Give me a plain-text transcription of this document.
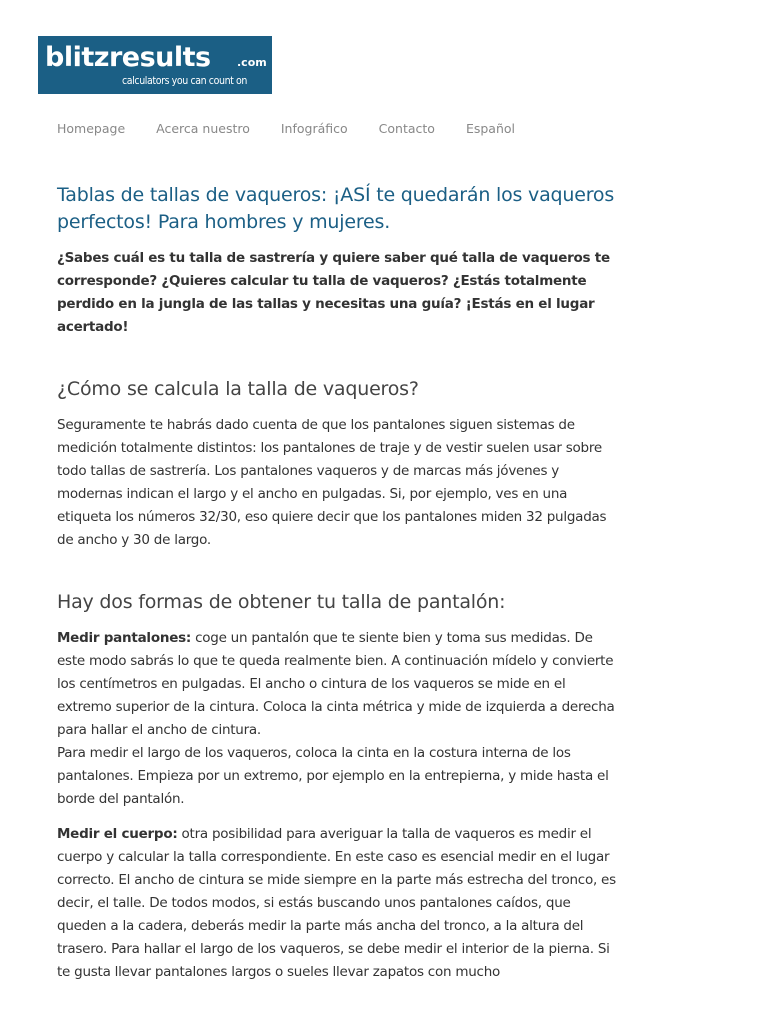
blitzresults .com
calculators you can count on
Homepage Acerca nuestro Infográfico Contacto Español
Tablas de tallas de vaqueros: ¡ASÍ te quedarán los vaqueros perfectos! Para hombres y mujeres.

¿Sabes cuál es tu talla de sastrería y quiere saber qué talla de vaqueros te corresponde? ¿Quieres calcular tu talla de vaqueros? ¿Estás totalmente perdido en la jungla de las tallas y necesitas una guía? ¡Estás en el lugar acertado!

¿Cómo se calcula la talla de vaqueros?

Seguramente te habrás dado cuenta de que los pantalones siguen sistemas de medición totalmente distintos: los pantalones de traje y de vestir suelen usar sobre todo tallas de sastrería. Los pantalones vaqueros y de marcas más jóvenes y modernas indican el largo y el ancho en pulgadas. Si, por ejemplo, ves en una etiqueta los números 32/30, eso quiere decir que los pantalones miden 32 pulgadas de ancho y 30 de largo.

Hay dos formas de obtener tu talla de pantalón:

Medir pantalones: coge un pantalón que te siente bien y toma sus medidas. De este modo sabrás lo que te queda realmente bien. A continuación mídelo y convierte los centímetros en pulgadas. El ancho o cintura de los vaqueros se mide en el extremo superior de la cintura. Coloca la cinta métrica y mide de izquierda a derecha para hallar el ancho de cintura.
Para medir el largo de los vaqueros, coloca la cinta en la costura interna de los pantalones. Empieza por un extremo, por ejemplo en la entrepierna, y mide hasta el borde del pantalón.

Medir el cuerpo: otra posibilidad para averiguar la talla de vaqueros es medir el cuerpo y calcular la talla correspondiente. En este caso es esencial medir en el lugar correcto. El ancho de cintura se mide siempre en la parte más estrecha del tronco, es decir, el talle. De todos modos, si estás buscando unos pantalones caídos, que queden a la cadera, deberás medir la parte más ancha del tronco, a la altura del trasero. Para hallar el largo de los vaqueros, se debe medir el interior de la pierna. Si te gusta llevar pantalones largos o sueles llevar zapatos con mucho
